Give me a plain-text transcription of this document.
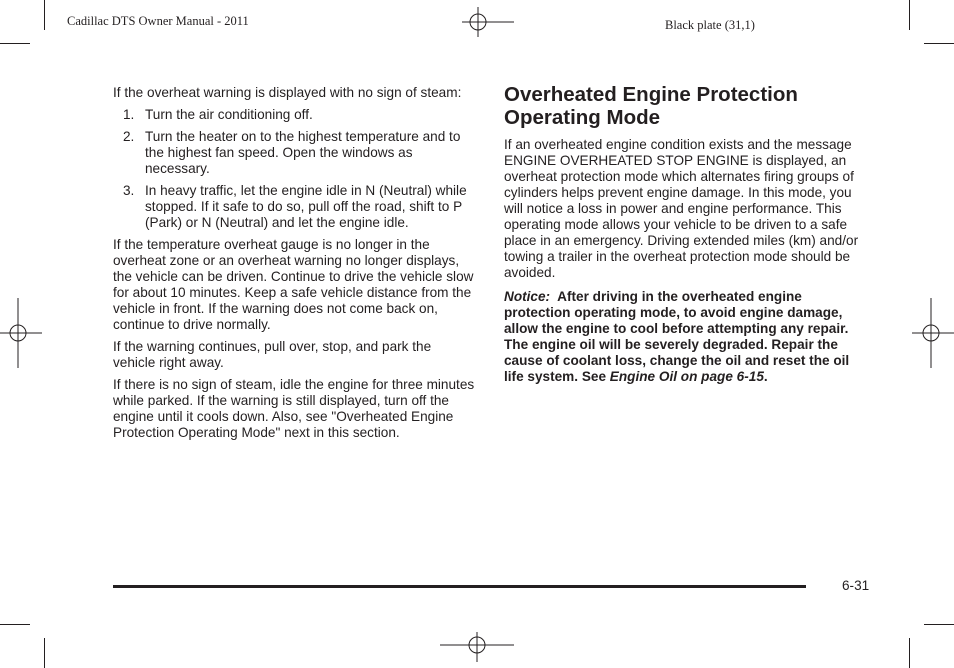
Cadillac DTS Owner Manual - 2011	Black plate (31,1)

If the overheat warning is displayed with no sign of steam:

1. Turn the air conditioning off.
2. Turn the heater on to the highest temperature and to the highest fan speed. Open the windows as necessary.
3. In heavy traffic, let the engine idle in N (Neutral) while stopped. If it safe to do so, pull off the road, shift to P (Park) or N (Neutral) and let the engine idle.

If the temperature overheat gauge is no longer in the overheat zone or an overheat warning no longer displays, the vehicle can be driven. Continue to drive the vehicle slow for about 10 minutes. Keep a safe vehicle distance from the vehicle in front. If the warning does not come back on, continue to drive normally.

If the warning continues, pull over, stop, and park the vehicle right away.

If there is no sign of steam, idle the engine for three minutes while parked. If the warning is still displayed, turn off the engine until it cools down. Also, see "Overheated Engine Protection Operating Mode" next in this section.

Overheated Engine Protection Operating Mode

If an overheated engine condition exists and the message ENGINE OVERHEATED STOP ENGINE is displayed, an overheat protection mode which alternates firing groups of cylinders helps prevent engine damage. In this mode, you will notice a loss in power and engine performance. This operating mode allows your vehicle to be driven to a safe place in an emergency. Driving extended miles (km) and/or towing a trailer in the overheat protection mode should be avoided.

Notice: After driving in the overheated engine protection operating mode, to avoid engine damage, allow the engine to cool before attempting any repair. The engine oil will be severely degraded. Repair the cause of coolant loss, change the oil and reset the oil life system. See Engine Oil on page 6-15.

6-31
